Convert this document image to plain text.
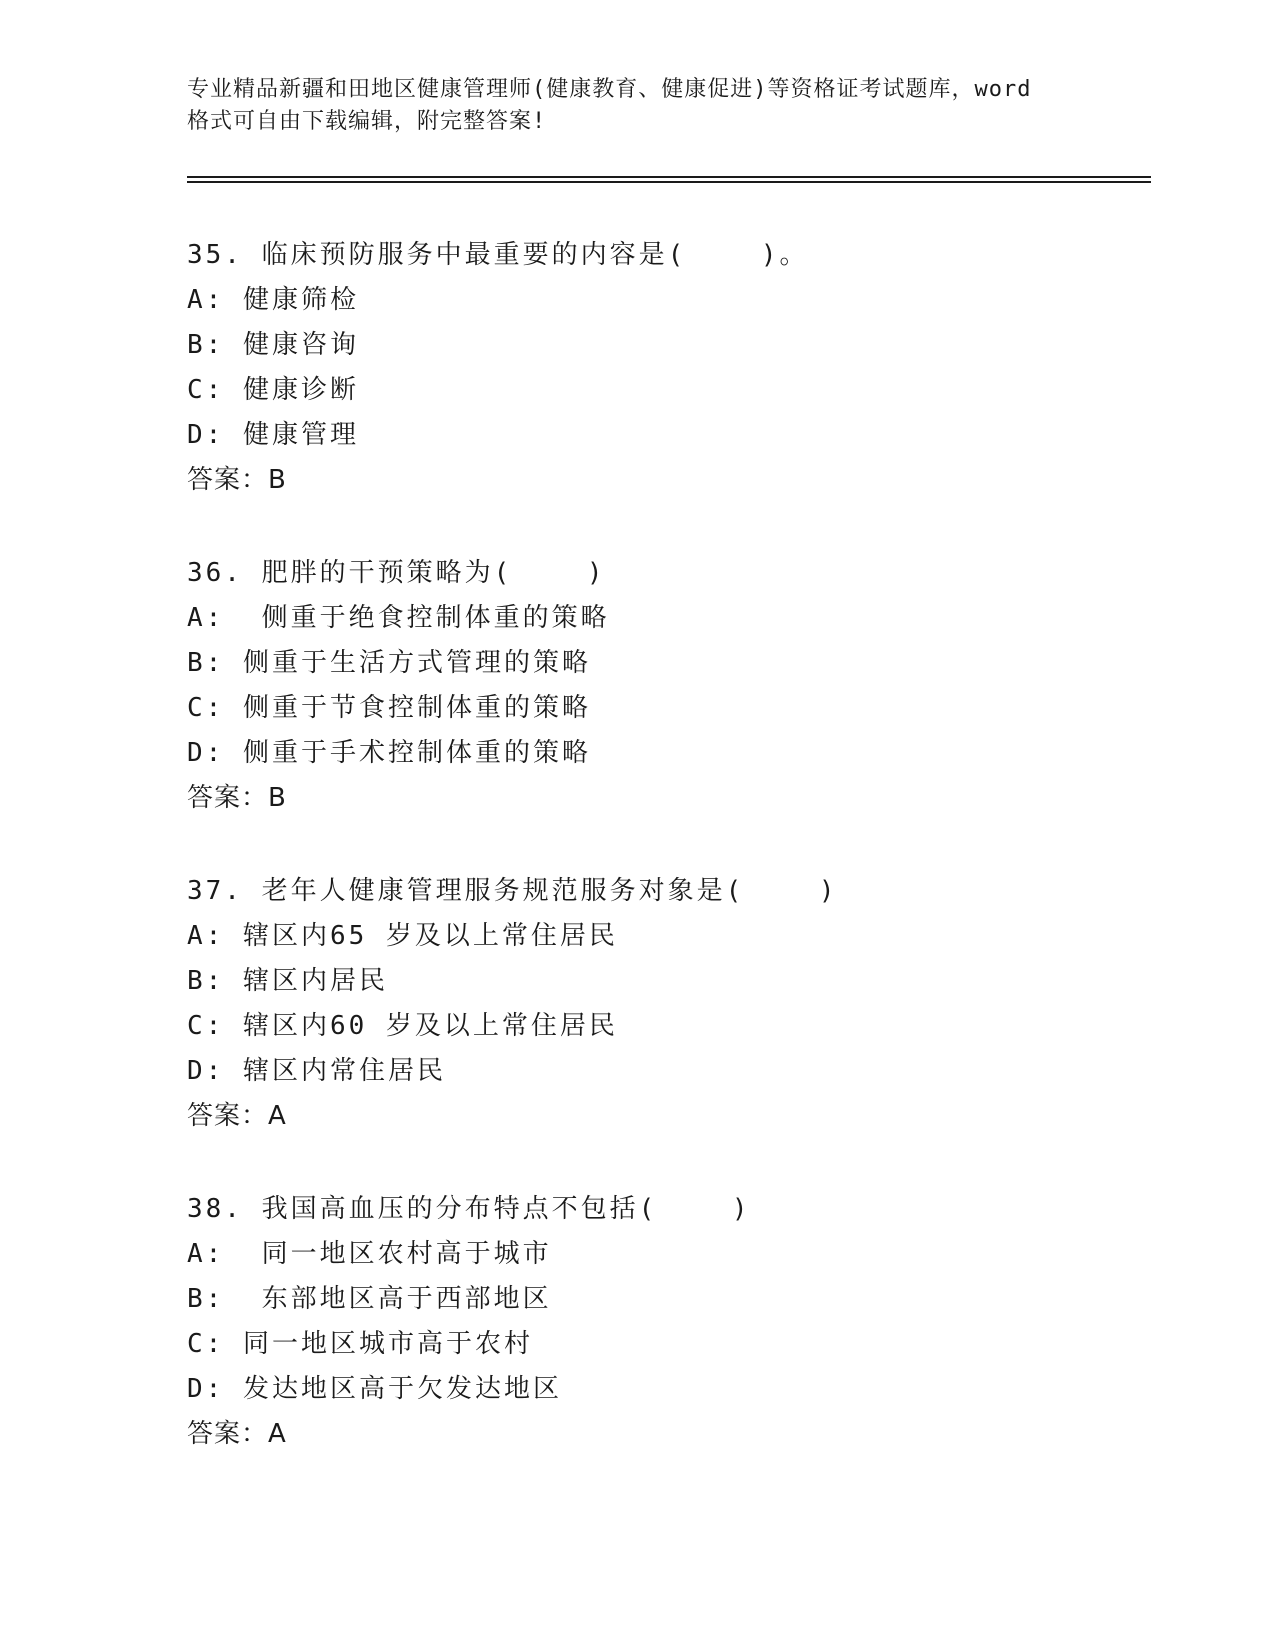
专业精品新疆和田地区健康管理师(健康教育、健康促进)等资格证考试题库，word
格式可自由下载编辑，附完整答案!
35. 临床预防服务中最重要的内容是(    )。
A: 健康筛检
B: 健康咨询
C: 健康诊断
D: 健康管理
答案：B
36. 肥胖的干预策略为(    )
A:  侧重于绝食控制体重的策略
B: 侧重于生活方式管理的策略
C: 侧重于节食控制体重的策略
D: 侧重于手术控制体重的策略
答案：B
37. 老年人健康管理服务规范服务对象是(    )
A: 辖区内65 岁及以上常住居民
B: 辖区内居民
C: 辖区内60 岁及以上常住居民
D: 辖区内常住居民
答案：A
38. 我国高血压的分布特点不包括(    )
A:  同一地区农村高于城市
B:  东部地区高于西部地区
C: 同一地区城市高于农村
D: 发达地区高于欠发达地区
答案：A
